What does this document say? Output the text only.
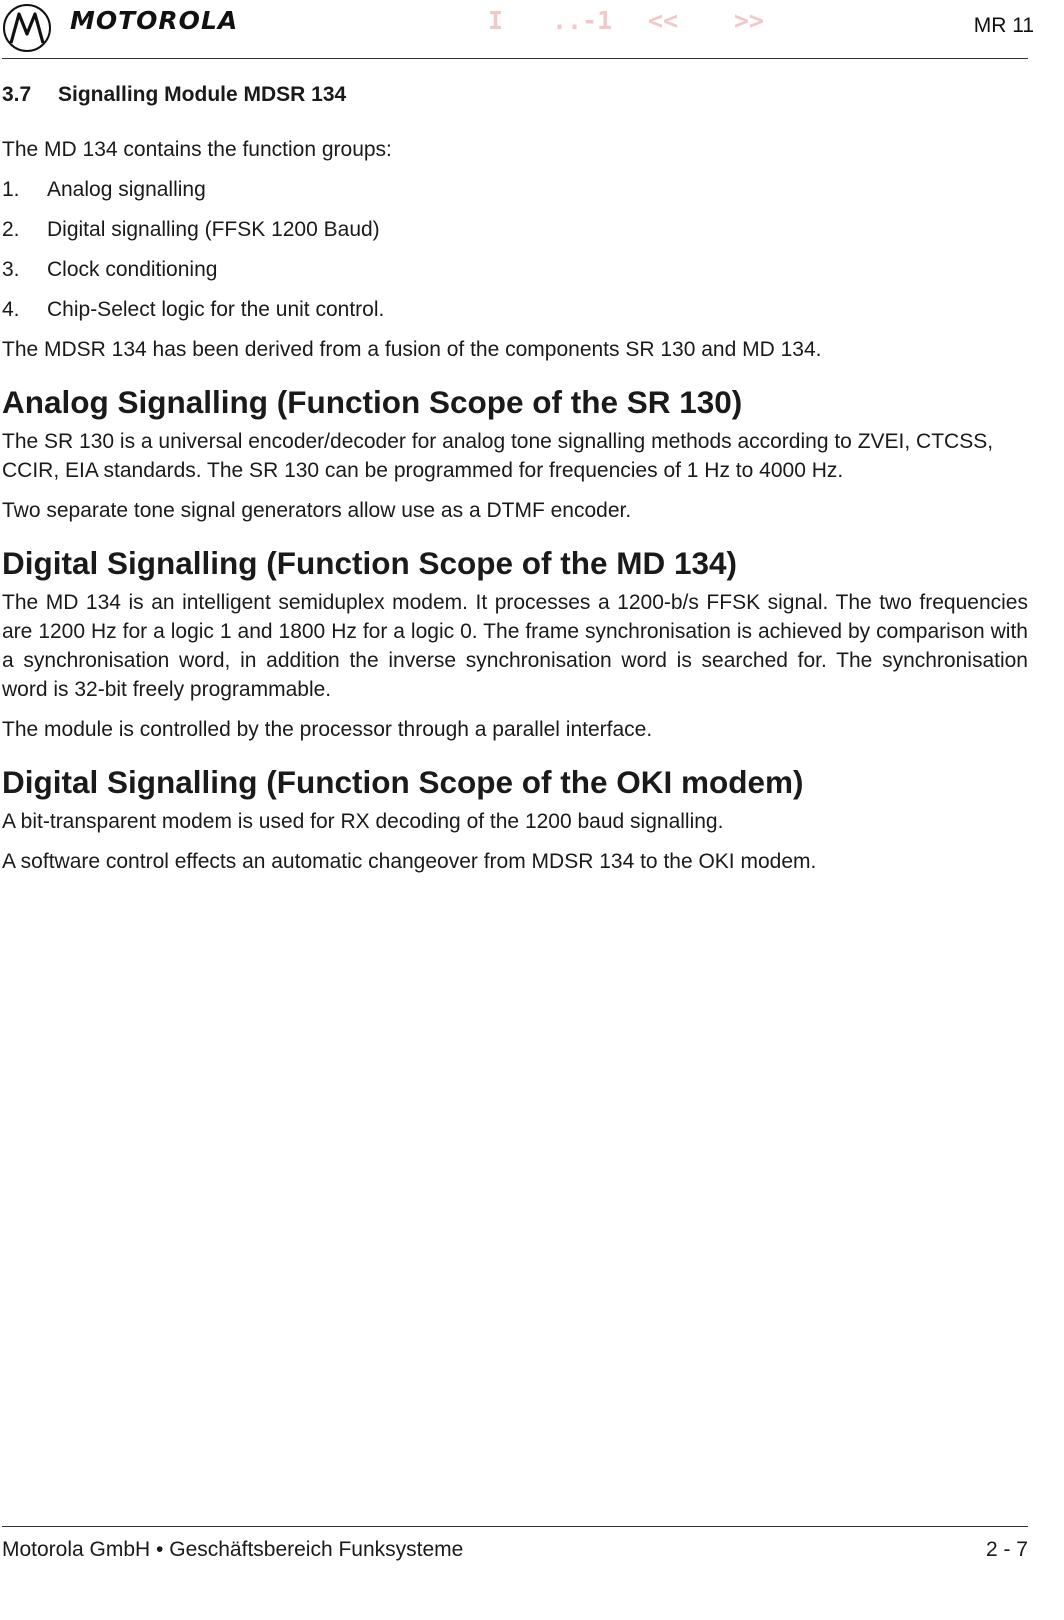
MOTOROLA	I ..-1 << >>	MR 11
3.7 Signalling Module MDSR 134

The MD 134 contains the function groups:

1. Analog signalling
2. Digital signalling (FFSK 1200 Baud)
3. Clock conditioning
4. Chip-Select logic for the unit control.

The MDSR 134 has been derived from a fusion of the components SR 130 and MD 134.

Analog Signalling (Function Scope of the SR 130)

The SR 130 is a universal encoder/decoder for analog tone signalling methods according to ZVEI, CTCSS, CCIR, EIA standards. The SR 130 can be programmed for frequencies of 1 Hz to 4000 Hz.

Two separate tone signal generators allow use as a DTMF encoder.

Digital Signalling (Function Scope of the MD 134)

The MD 134 is an intelligent semiduplex modem. It processes a 1200-b/s FFSK signal. The two frequencies are 1200 Hz for a logic 1 and 1800 Hz for a logic 0. The frame synchronisation is achieved by comparison with a synchronisation word, in addition the inverse synchronisation word is searched for. The synchronisation word is 32-bit freely programmable.

The module is controlled by the processor through a parallel interface.

Digital Signalling (Function Scope of the OKI modem)

A bit-transparent modem is used for RX decoding of the 1200 baud signalling.

A software control effects an automatic changeover from MDSR 134 to the OKI modem.

Motorola GmbH • Geschäftsbereich Funksysteme	2 - 7
